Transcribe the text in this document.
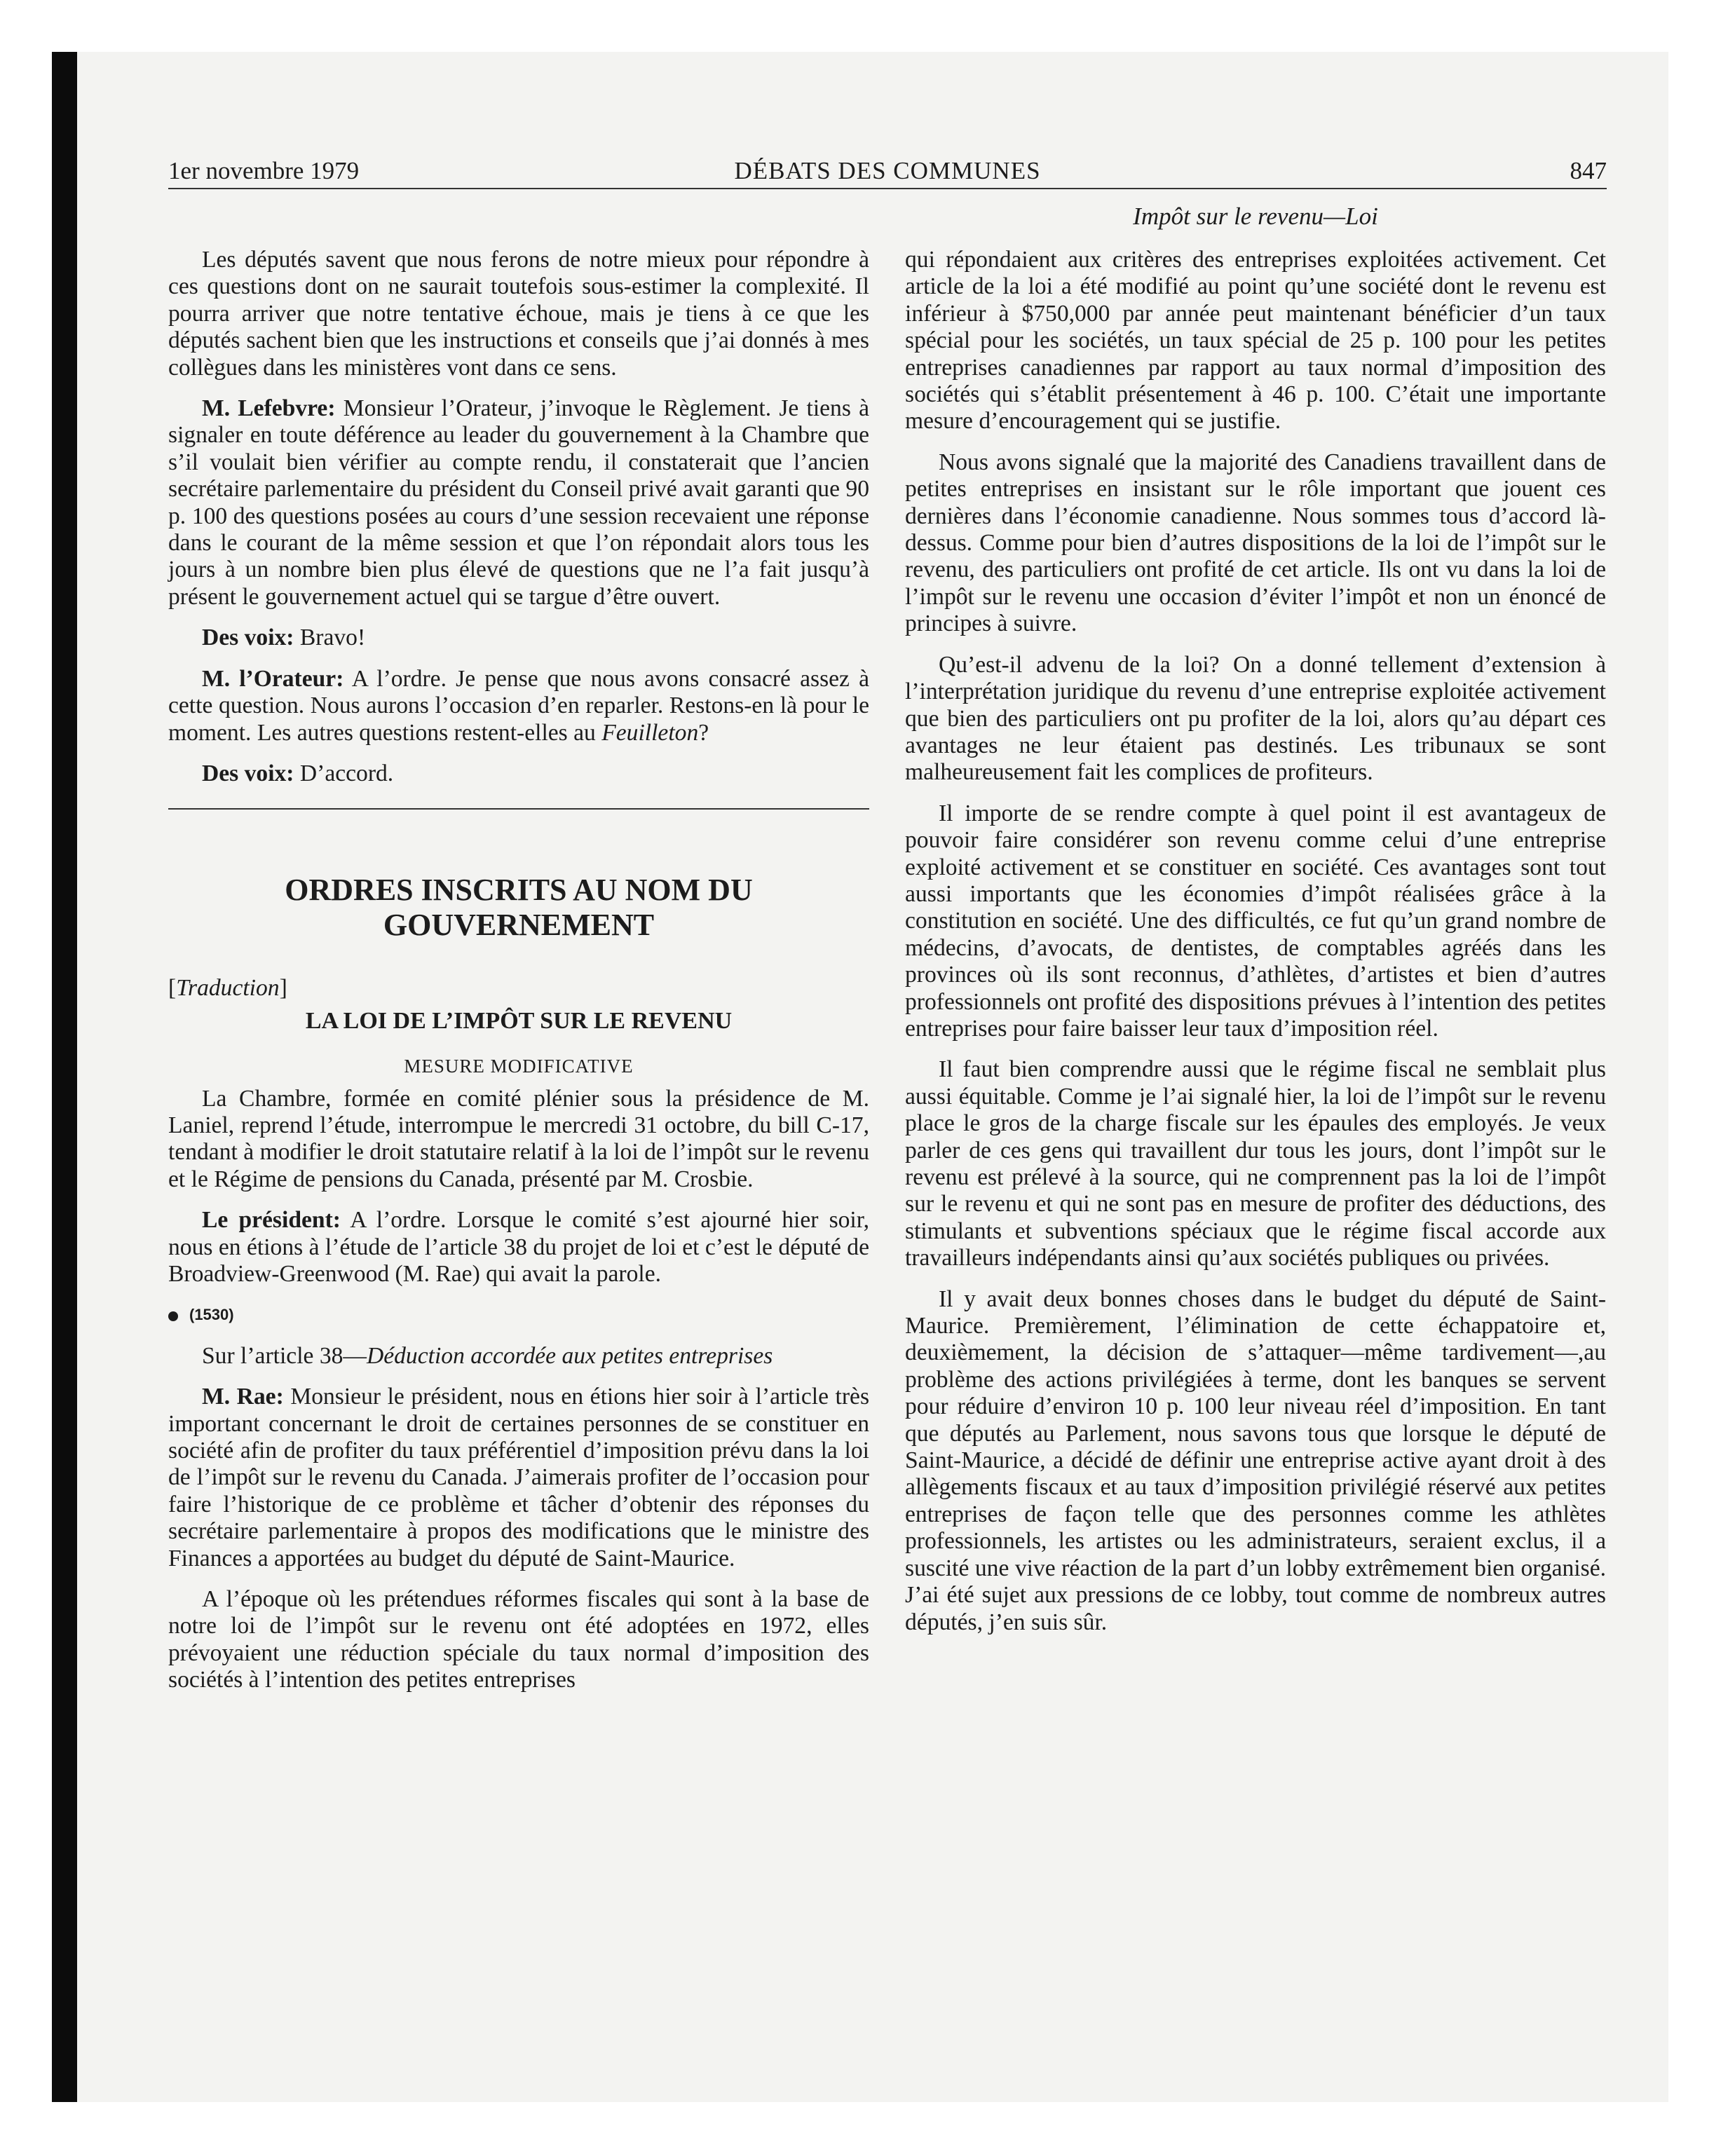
1er novembre 1979	DÉBATS DES COMMUNES	847
Impôt sur le revenu—Loi

Les députés savent que nous ferons de notre mieux pour répondre à ces questions dont on ne saurait toutefois sous-estimer la complexité. Il pourra arriver que notre tentative échoue, mais je tiens à ce que les députés sachent bien que les instructions et conseils que j’ai donnés à mes collègues dans les ministères vont dans ce sens.

M. Lefebvre: Monsieur l’Orateur, j’invoque le Règlement. Je tiens à signaler en toute déférence au leader du gouvernement à la Chambre que s’il voulait bien vérifier au compte rendu, il constaterait que l’ancien secrétaire parlementaire du président du Conseil privé avait garanti que 90 p. 100 des questions posées au cours d’une session recevaient une réponse dans le courant de la même session et que l’on répondait alors tous les jours à un nombre bien plus élevé de questions que ne l’a fait jusqu’à présent le gouvernement actuel qui se targue d’être ouvert.

Des voix: Bravo!

M. l’Orateur: A l’ordre. Je pense que nous avons consacré assez à cette question. Nous aurons l’occasion d’en reparler. Restons-en là pour le moment. Les autres questions restent-elles au Feuilleton?

Des voix: D’accord.

ORDRES INSCRITS AU NOM DU GOUVERNEMENT
[Traduction]
LA LOI DE L’IMPÔT SUR LE REVENU
MESURE MODIFICATIVE

La Chambre, formée en comité plénier sous la présidence de M. Laniel, reprend l’étude, interrompue le mercredi 31 octobre, du bill C-17, tendant à modifier le droit statutaire relatif à la loi de l’impôt sur le revenu et le Régime de pensions du Canada, présenté par M. Crosbie.

Le président: A l’ordre. Lorsque le comité s’est ajourné hier soir, nous en étions à l’étude de l’article 38 du projet de loi et c’est le député de Broadview-Greenwood (M. Rae) qui avait la parole.

(1530)

Sur l’article 38—Déduction accordée aux petites entreprises

M. Rae: Monsieur le président, nous en étions hier soir à l’article très important concernant le droit de certaines personnes de se constituer en société afin de profiter du taux préférentiel d’imposition prévu dans la loi de l’impôt sur le revenu du Canada. J’aimerais profiter de l’occasion pour faire l’historique de ce problème et tâcher d’obtenir des réponses du secrétaire parlementaire à propos des modifications que le ministre des Finances a apportées au budget du député de Saint-Maurice.

A l’époque où les prétendues réformes fiscales qui sont à la base de notre loi de l’impôt sur le revenu ont été adoptées en 1972, elles prévoyaient une réduction spéciale du taux normal d’imposition des sociétés à l’intention des petites entreprises

qui répondaient aux critères des entreprises exploitées activement. Cet article de la loi a été modifié au point qu’une société dont le revenu est inférieur à $750,000 par année peut maintenant bénéficier d’un taux spécial pour les sociétés, un taux spécial de 25 p. 100 pour les petites entreprises canadiennes par rapport au taux normal d’imposition des sociétés qui s’établit présentement à 46 p. 100. C’était une importante mesure d’encouragement qui se justifie.

Nous avons signalé que la majorité des Canadiens travaillent dans de petites entreprises en insistant sur le rôle important que jouent ces dernières dans l’économie canadienne. Nous sommes tous d’accord là-dessus. Comme pour bien d’autres dispositions de la loi de l’impôt sur le revenu, des particuliers ont profité de cet article. Ils ont vu dans la loi de l’impôt sur le revenu une occasion d’éviter l’impôt et non un énoncé de principes à suivre.

Qu’est-il advenu de la loi? On a donné tellement d’extension à l’interprétation juridique du revenu d’une entreprise exploitée activement que bien des particuliers ont pu profiter de la loi, alors qu’au départ ces avantages ne leur étaient pas destinés. Les tribunaux se sont malheureusement fait les complices de profiteurs.

Il importe de se rendre compte à quel point il est avantageux de pouvoir faire considérer son revenu comme celui d’une entreprise exploité activement et se constituer en société. Ces avantages sont tout aussi importants que les économies d’impôt réalisées grâce à la constitution en société. Une des difficultés, ce fut qu’un grand nombre de médecins, d’avocats, de dentistes, de comptables agréés dans les provinces où ils sont reconnus, d’athlètes, d’artistes et bien d’autres professionnels ont profité des dispositions prévues à l’intention des petites entreprises pour faire baisser leur taux d’imposition réel.

Il faut bien comprendre aussi que le régime fiscal ne semblait plus aussi équitable. Comme je l’ai signalé hier, la loi de l’impôt sur le revenu place le gros de la charge fiscale sur les épaules des employés. Je veux parler de ces gens qui travaillent dur tous les jours, dont l’impôt sur le revenu est prélevé à la source, qui ne comprennent pas la loi de l’impôt sur le revenu et qui ne sont pas en mesure de profiter des déductions, des stimulants et subventions spéciaux que le régime fiscal accorde aux travailleurs indépendants ainsi qu’aux sociétés publiques ou privées.

Il y avait deux bonnes choses dans le budget du député de Saint-Maurice. Premièrement, l’élimination de cette échappatoire et, deuxièmement, la décision de s’attaquer—même tardivement—,au problème des actions privilégiées à terme, dont les banques se servent pour réduire d’environ 10 p. 100 leur niveau réel d’imposition. En tant que députés au Parlement, nous savons tous que lorsque le député de Saint-Maurice, a décidé de définir une entreprise active ayant droit à des allègements fiscaux et au taux d’imposition privilégié réservé aux petites entreprises de façon telle que des personnes comme les athlètes professionnels, les artistes ou les administrateurs, seraient exclus, il a suscité une vive réaction de la part d’un lobby extrêmement bien organisé. J’ai été sujet aux pressions de ce lobby, tout comme de nombreux autres députés, j’en suis sûr.
